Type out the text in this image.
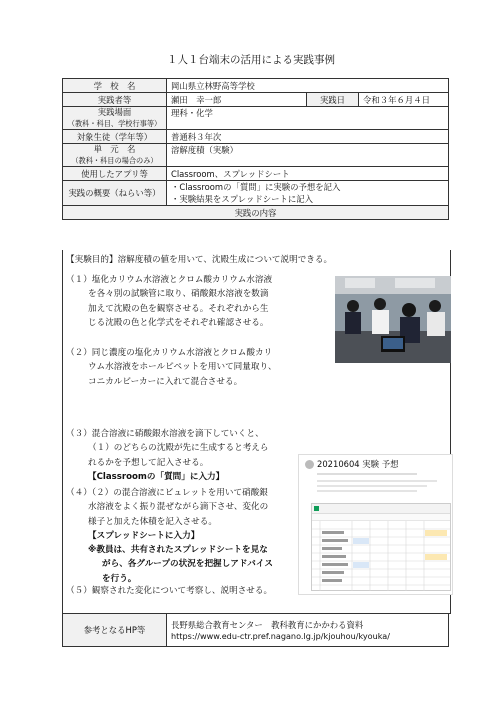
１人１台端末の活用による実践事例
学　校　名	岡山県立林野高等学校		
実践者等	瀬田　幸一郎	実践日	令和３年６月４日

実践場面
（教科・科目、学校行事等）	理科・化学		
対象生徒（学年等）	普通科３年次		

単　元　名
（教科・科目の場合のみ）	溶解度積（実験）		
使用したアプリ等	Classroom、スプレッドシート		
実践の概要（ねらい等）	・Classroomの「質問」に実験の予想を記入
・実験結果をスプレッドシートに記入		

実践の内容			
【実験目的】溶解度積の値を用いて、沈殿生成について説明できる。
（１）塩化カリウム水溶液とクロム酸カリウム水溶液
を各々別の試験管に取り、硝酸銀水溶液を数滴
加えて沈殿の色を観察させる。それぞれから生
じる沈殿の色と化学式をそれぞれ確認させる。
（２）同じ濃度の塩化カリウム水溶液とクロム酸カリ
ウム水溶液をホールピペットを用いて同量取り、
コニカルビーカーに入れて混合させる。
（３）混合溶液に硝酸銀水溶液を滴下していくと、
（１）のどちらの沈殿が先に生成すると考えら
れるかを予想して記入させる。
【Classroomの「質問」に入力】
（４）（２）の混合溶液にビュレットを用いて硝酸銀
水溶液をよく振り混ぜながら滴下させ、変化の
様子と加えた体積を記入させる。
【スプレッドシートに入力】
※教員は、共有されたスプレッドシートを見な
がら、各グループの状況を把握しアドバイス
を行う。
（５）観察された変化について考察し、説明させる。
20210604 実験 予想
参考となるHP等	長野県総合教育センター　教科教育にかかわる資料
https://www.edu-ctr.pref.nagano.lg.jp/kjouhou/kyouka/
